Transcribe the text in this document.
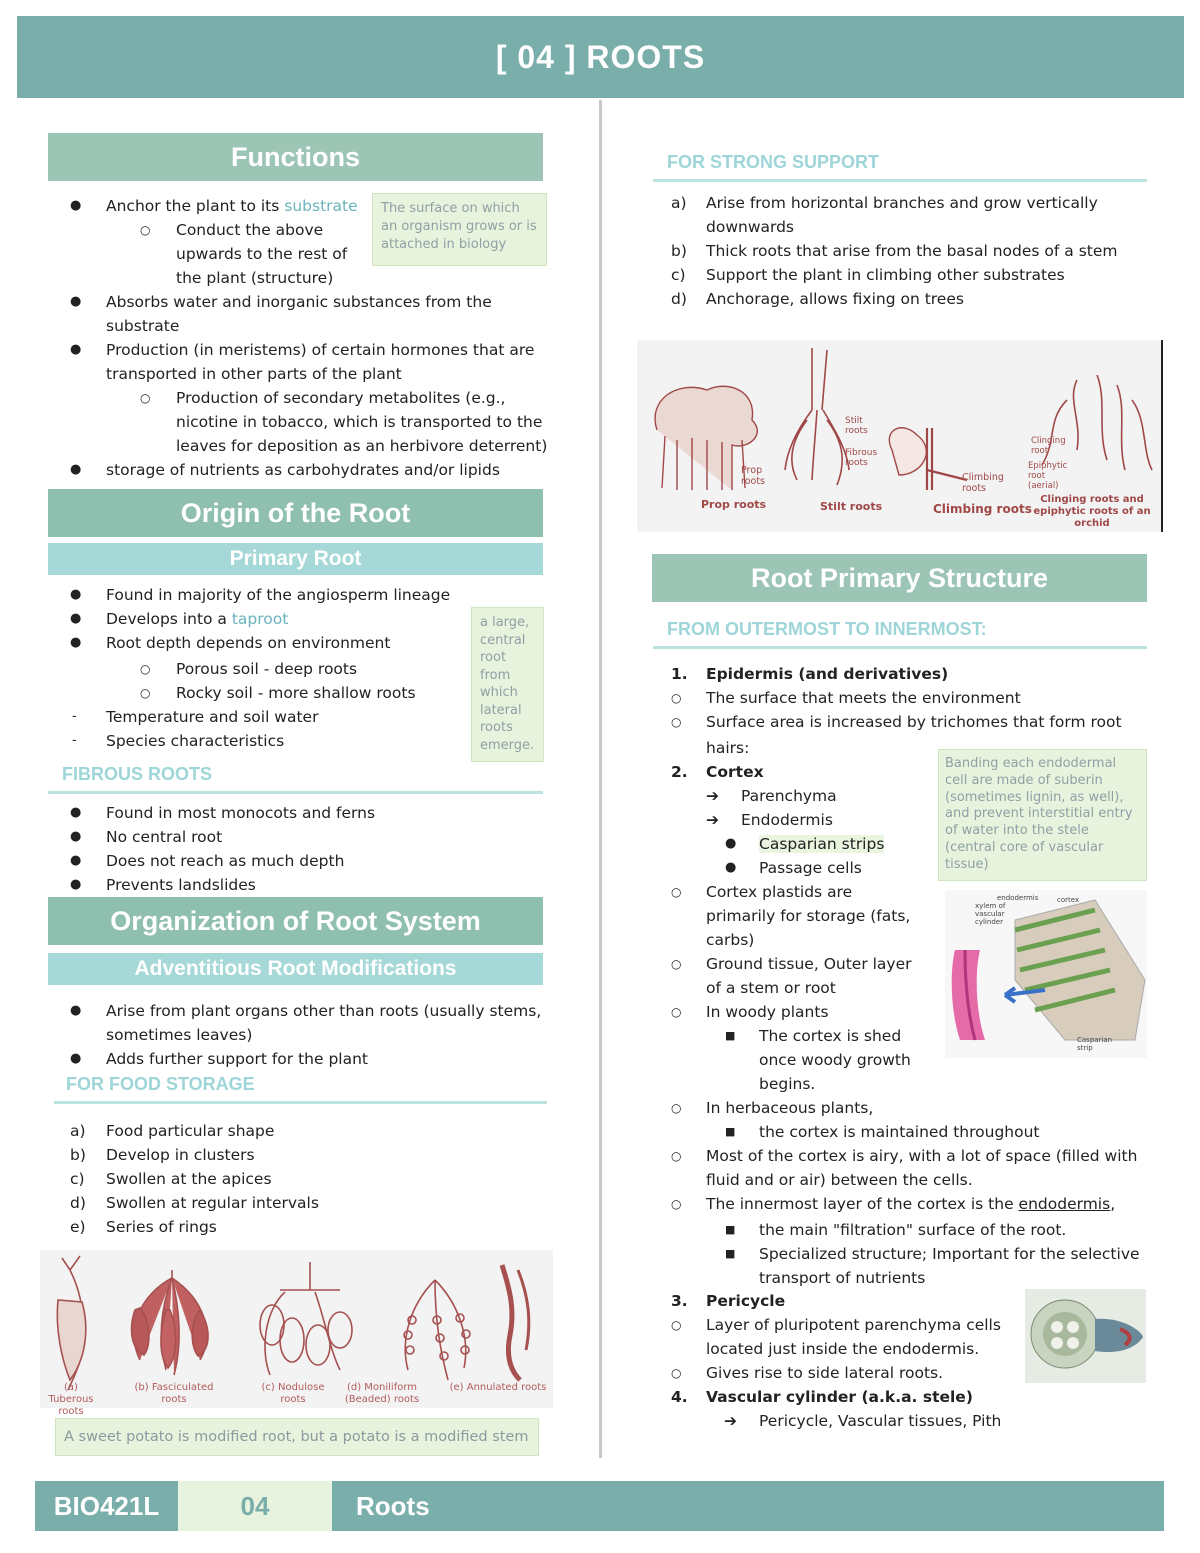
[ 04 ] ROOTS
Functions
● Anchor the plant to its substrate
○ Conduct the above
upwards to the rest of
the plant (structure)
The surface on which an organism grows or is attached in biology
● Absorbs water and inorganic substances from the
substrate
● Production (in meristems) of certain hormones that are
transported in other parts of the plant
○ Production of secondary metabolites (e.g.,
nicotine in tobacco, which is transported to the
leaves for deposition as an herbivore deterrent)
● storage of nutrients as carbohydrates and/or lipids
Origin of the Root
Primary Root
● Found in majority of the angiosperm lineage
● Develops into a taproot
● Root depth depends on environment
○ Porous soil - deep roots
○ Rocky soil - more shallow roots
- Temperature and soil water
- Species characteristics
a large, central root from which lateral roots emerge.
FIBROUS ROOTS
● Found in most monocots and ferns
● No central root
● Does not reach as much depth
● Prevents landslides
Organization of Root System
Adventitious Root Modifications
● Arise from plant organs other than roots (usually stems,
sometimes leaves)
● Adds further support for the plant
FOR FOOD STORAGE
a) Food particular shape
b) Develop in clusters
c) Swollen at the apices
d) Swollen at regular intervals
e) Series of rings
(a) Tuberous roots
(b) Fasciculated roots
(c) Nodulose roots
(d) Moniliform (Beaded) roots
(e) Annulated roots
A sweet potato is modified root, but a potato is a modified stem
FOR STRONG SUPPORT
a) Arise from horizontal branches and grow vertically
downwards
b) Thick roots that arise from the basal nodes of a stem
c) Support the plant in climbing other substrates
d) Anchorage, allows fixing on trees
Prop roots
Prop roots
Stilt roots
Fibrous roots
Stilt roots
Climbing roots
Climbing roots
Clinging root
Epiphytic root (aerial)
Clinging roots and epiphytic roots of an orchid
Root Primary Structure
FROM OUTERMOST TO INNERMOST:
1. Epidermis (and derivatives)
○ The surface that meets the environment
○ Surface area is increased by trichomes that form root
hairs:
2. Cortex
➔ Parenchyma
➔ Endodermis
● Casparian strips
● Passage cells
Banding each endodermal cell are made of suberin (sometimes lignin, as well), and prevent interstitial entry of water into the stele (central core of vascular tissue)
○ Cortex plastids are
primarily for storage (fats,
carbs)
○ Ground tissue, Outer layer
of a stem or root
○ In woody plants
■ The cortex is shed
once woody growth
begins.
endodermis	cortex
xylem of vascular cylinder
Casparian strip
○ In herbaceous plants,
■ the cortex is maintained throughout
○ Most of the cortex is airy, with a lot of space (filled with
fluid and or air) between the cells.
○ The innermost layer of the cortex is the endodermis,
■ the main "filtration" surface of the root.
■ Specialized structure; Important for the selective
transport of nutrients
3. Pericycle
○ Layer of pluripotent parenchyma cells
located just inside the endodermis.
○ Gives rise to side lateral roots.
4. Vascular cylinder (a.k.a. stele)
➔ Pericycle, Vascular tissues, Pith
BIO421L	04	Roots
